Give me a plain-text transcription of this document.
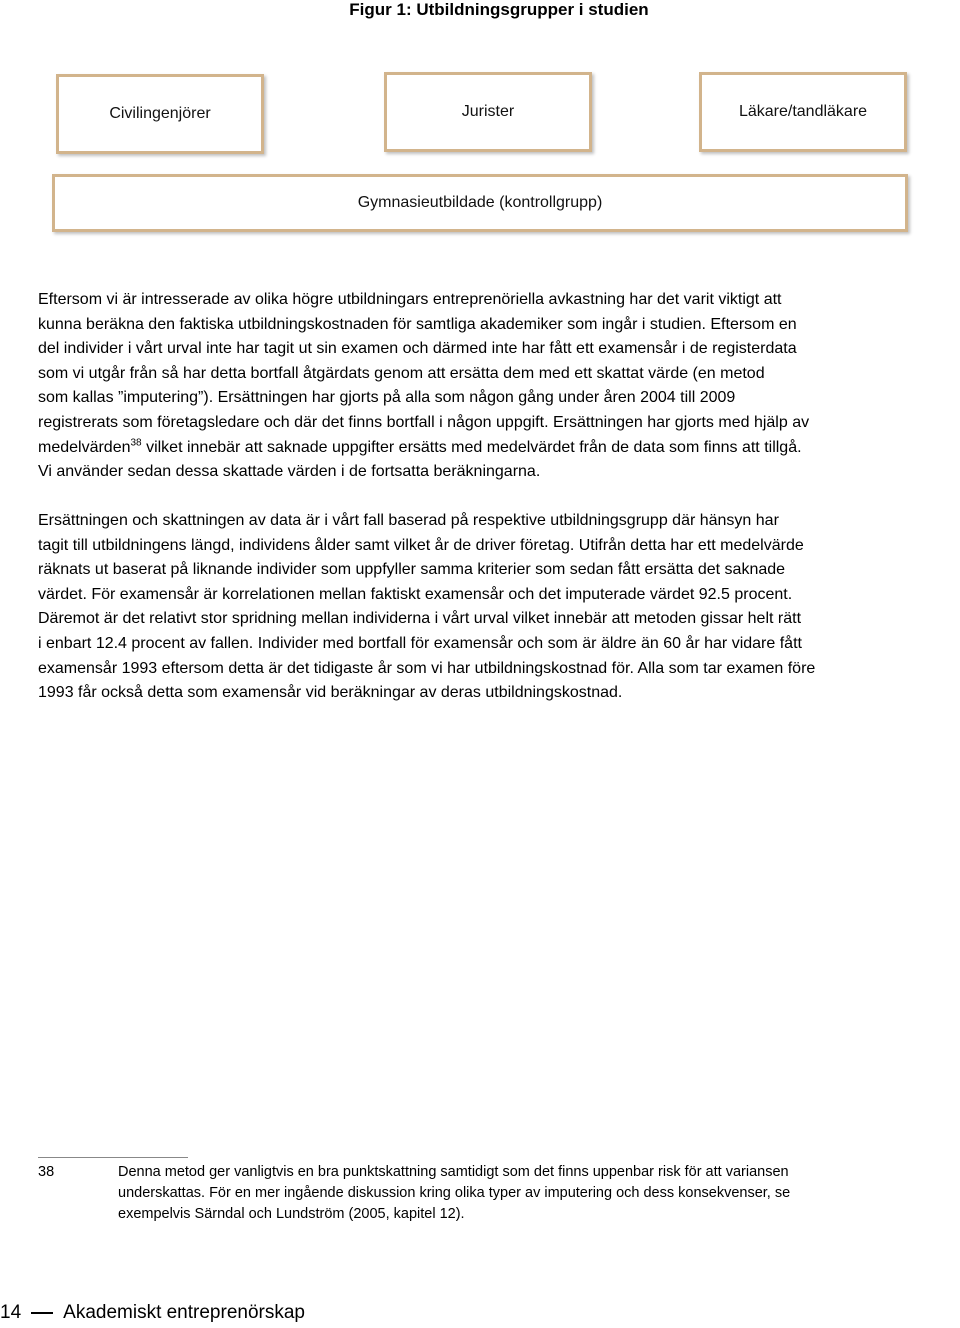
Figur 1: Utbildningsgrupper i studien
Civilingenjörer	Jurister	Läkare/tandläkare
Gymnasieutbildade (kontrollgrupp)

Eftersom vi är intresserade av olika högre utbildningars entreprenöriella avkastning har det varit viktigt att
kunna beräkna den faktiska utbildningskostnaden för samtliga akademiker som ingår i studien. Eftersom en
del individer i vårt urval inte har tagit ut sin examen och därmed inte har fått ett examensår i de registerdata
som vi utgår från så har detta bortfall åtgärdats genom att ersätta dem med ett skattat värde (en metod
som kallas ”imputering”). Ersättningen har gjorts på alla som någon gång under åren 2004 till 2009
registrerats som företagsledare och där det finns bortfall i någon uppgift. Ersättningen har gjorts med hjälp av
medelvärden$^{38}$ vilket innebär att saknade uppgifter ersätts med medelvärdet från de data som finns att tillgå.
Vi använder sedan dessa skattade värden i de fortsatta beräkningarna.

Ersättningen och skattningen av data är i vårt fall baserad på respektive utbildningsgrupp där hänsyn har
tagit till utbildningens längd, individens ålder samt vilket år de driver företag. Utifrån detta har ett medelvärde
räknats ut baserat på liknande individer som uppfyller samma kriterier som sedan fått ersätta det saknade
värdet. För examensår är korrelationen mellan faktiskt examensår och det imputerade värdet 92.5 procent.
Däremot är det relativt stor spridning mellan individerna i vårt urval vilket innebär att metoden gissar helt rätt
i enbart 12.4 procent av fallen. Individer med bortfall för examensår och som är äldre än 60 år har vidare fått
examensår 1993 eftersom detta är det tidigaste år som vi har utbildningskostnad för. Alla som tar examen före
1993 får också detta som examensår vid beräkningar av deras utbildningskostnad.

38	Denna metod ger vanligtvis en bra punktskattning samtidigt som det finns uppenbar risk för att variansen
underskattas. För en mer ingående diskussion kring olika typer av imputering och dess konsekvenser, se
exempelvis Särndal och Lundström (2005, kapitel 12).

14 Akademiskt entreprenörskap
